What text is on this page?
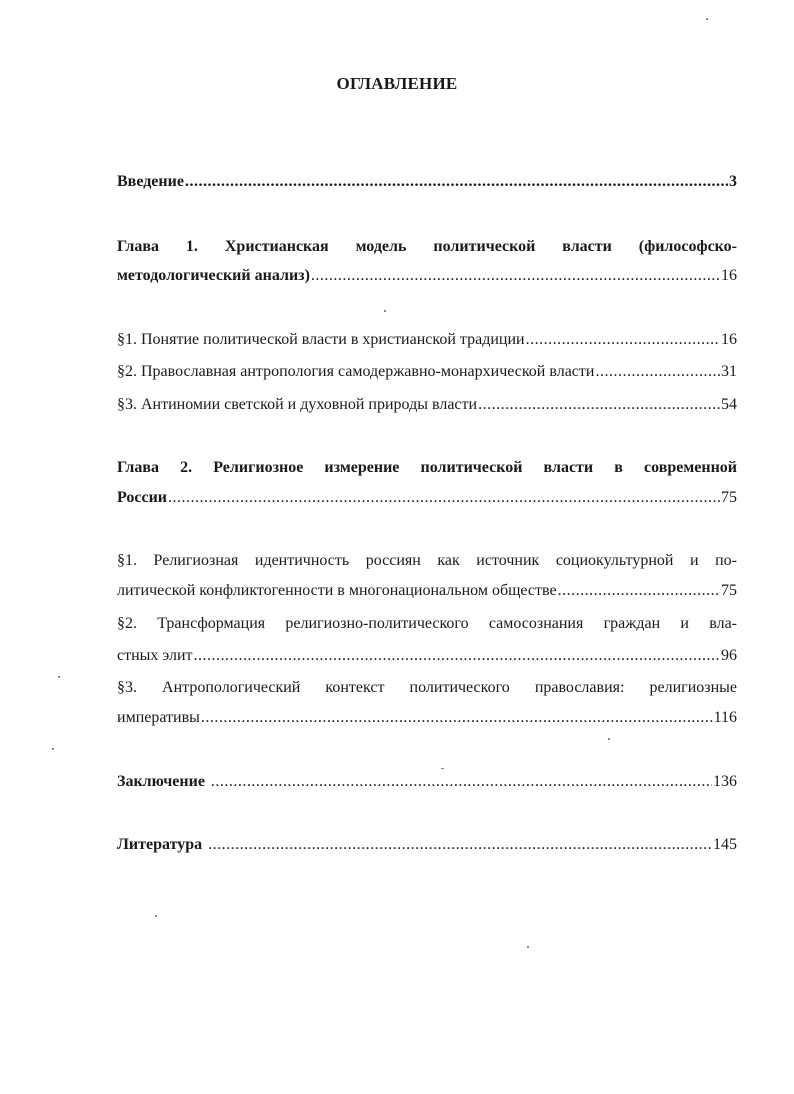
ОГЛАВЛЕНИЕ
Введение .....	3
Глава 1. Христианская модель политической власти (философско-
методологический анализ) .....	16
§1. Понятие политической власти в христианской традиции .....	16
§2. Православная антропология самодержавно-монархической власти .....	31
§3. Антиномии светской и духовной природы власти .....	54
Глава 2. Религиозное измерение политической власти в современной
России .....	75
§1. Религиозная идентичность россиян как источник социокультурной и по-
литической конфликтогенности в многонациональном обществе .....	75
§2. Трансформация религиозно-политического самосознания граждан и вла-
стных элит .....	96
§3. Антропологический контекст политического православия: религиозные
императивы .....	116
Заключение .....	136
Литература .....	145
